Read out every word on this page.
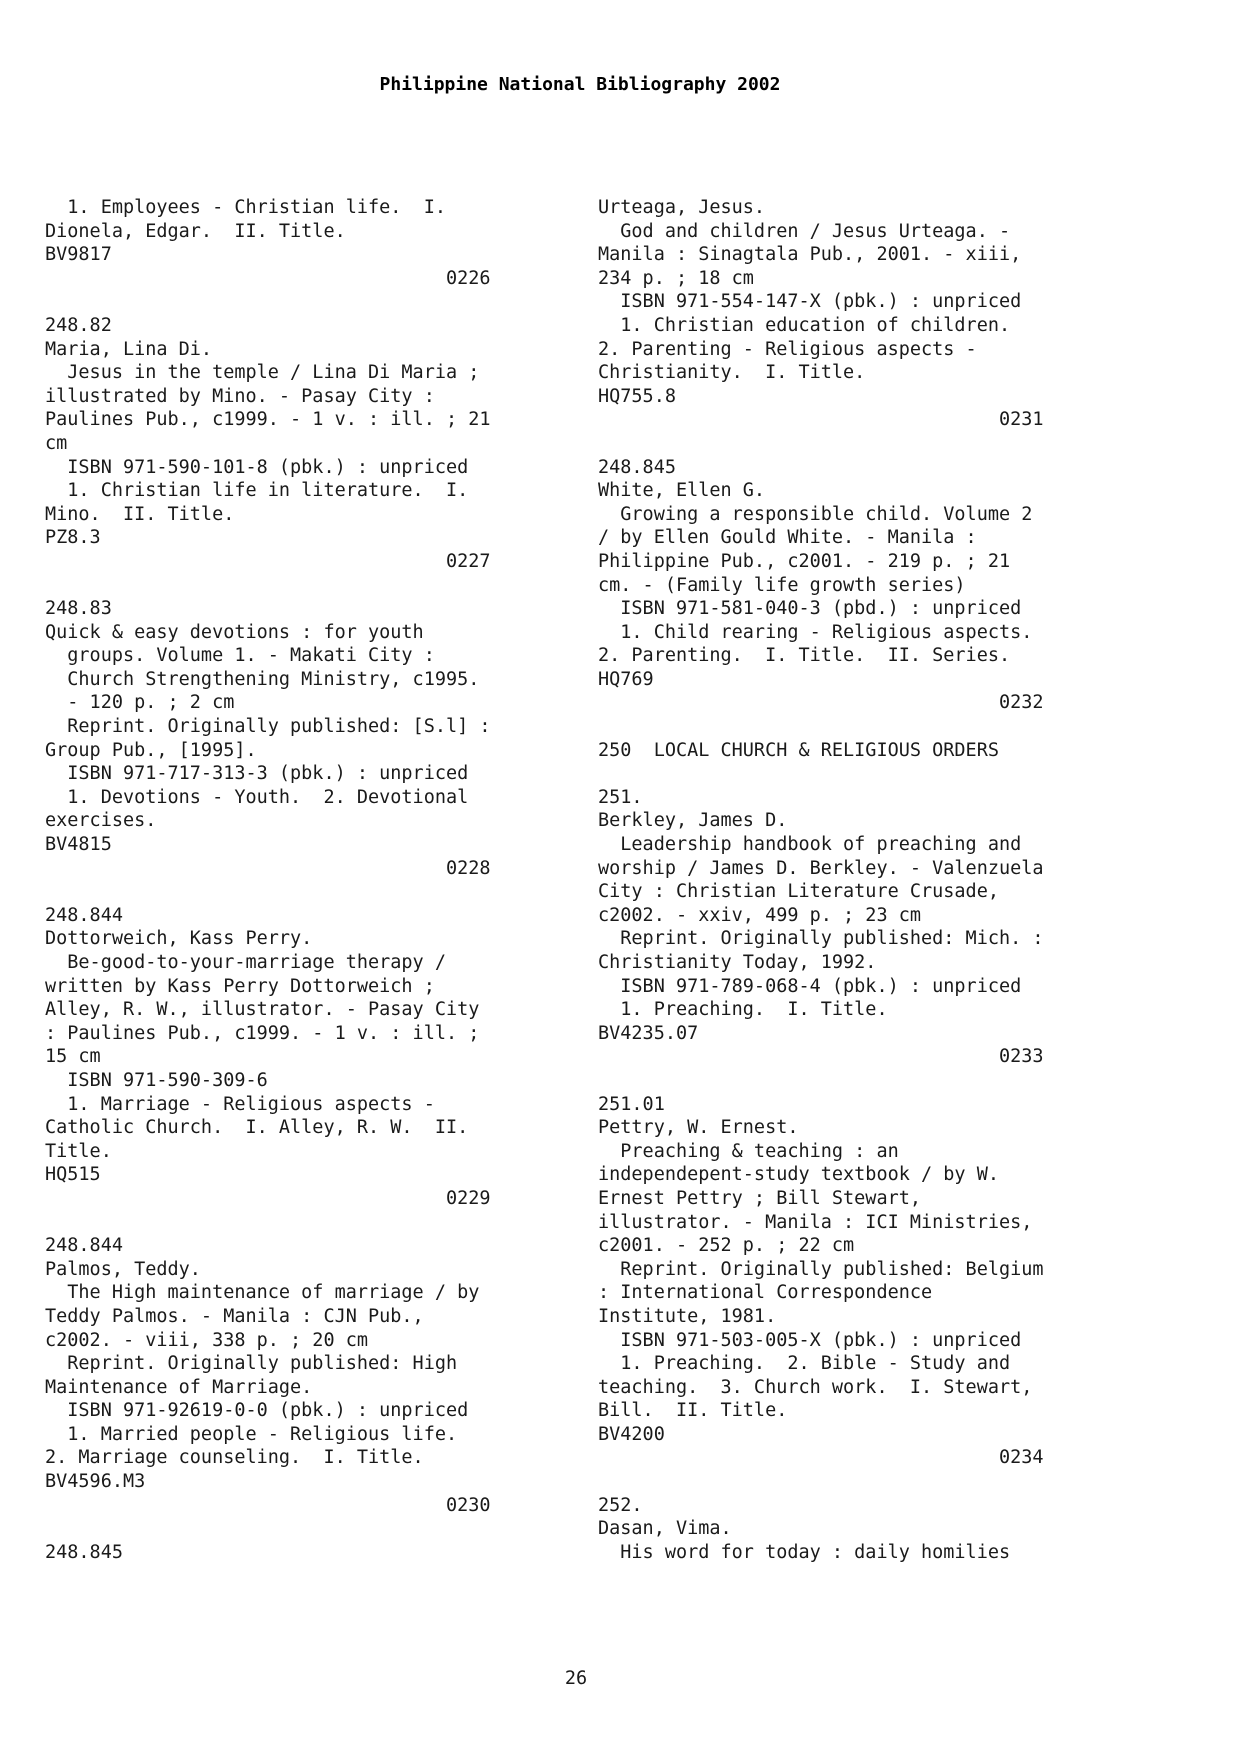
Philippine National Bibliography 2002
1. Employees - Christian life.  I.
Dionela, Edgar.  II. Title.
BV9817
0226
248.82
Maria, Lina Di.
Jesus in the temple / Lina Di Maria ;
illustrated by Mino. - Pasay City :
Paulines Pub., c1999. - 1 v. : ill. ; 21
cm
ISBN 971-590-101-8 (pbk.) : unpriced
1. Christian life in literature.  I.
Mino.  II. Title.
PZ8.3
0227
248.83
Quick & easy devotions : for youth
groups. Volume 1. - Makati City :
Church Strengthening Ministry, c1995.
- 120 p. ; 2 cm
Reprint. Originally published: [S.l] :
Group Pub., [1995].
ISBN 971-717-313-3 (pbk.) : unpriced
1. Devotions - Youth.  2. Devotional
exercises.
BV4815
0228
248.844
Dottorweich, Kass Perry.
Be-good-to-your-marriage therapy /
written by Kass Perry Dottorweich ;
Alley, R. W., illustrator. - Pasay City
: Paulines Pub., c1999. - 1 v. : ill. ;
15 cm
ISBN 971-590-309-6
1. Marriage - Religious aspects -
Catholic Church.  I. Alley, R. W.  II.
Title.
HQ515
0229
248.844
Palmos, Teddy.
The High maintenance of marriage / by
Teddy Palmos. - Manila : CJN Pub.,
c2002. - viii, 338 p. ; 20 cm
Reprint. Originally published: High
Maintenance of Marriage.
ISBN 971-92619-0-0 (pbk.) : unpriced
1. Married people - Religious life.
2. Marriage counseling.  I. Title.
BV4596.M3
0230
248.845
Urteaga, Jesus.
God and children / Jesus Urteaga. -
Manila : Sinagtala Pub., 2001. - xiii,
234 p. ; 18 cm
ISBN 971-554-147-X (pbk.) : unpriced
1. Christian education of children.
2. Parenting - Religious aspects -
Christianity.  I. Title.
HQ755.8
0231
248.845
White, Ellen G.
Growing a responsible child. Volume 2
/ by Ellen Gould White. - Manila :
Philippine Pub., c2001. - 219 p. ; 21
cm. - (Family life growth series)
ISBN 971-581-040-3 (pbd.) : unpriced
1. Child rearing - Religious aspects.
2. Parenting.  I. Title.  II. Series.
HQ769
0232
250  LOCAL CHURCH & RELIGIOUS ORDERS
251.
Berkley, James D.
Leadership handbook of preaching and
worship / James D. Berkley. - Valenzuela
City : Christian Literature Crusade,
c2002. - xxiv, 499 p. ; 23 cm
Reprint. Originally published: Mich. :
Christianity Today, 1992.
ISBN 971-789-068-4 (pbk.) : unpriced
1. Preaching.  I. Title.
BV4235.07
0233
251.01
Pettry, W. Ernest.
Preaching & teaching : an
independepent-study textbook / by W.
Ernest Pettry ; Bill Stewart,
illustrator. - Manila : ICI Ministries,
c2001. - 252 p. ; 22 cm
Reprint. Originally published: Belgium
: International Correspondence
Institute, 1981.
ISBN 971-503-005-X (pbk.) : unpriced
1. Preaching.  2. Bible - Study and
teaching.  3. Church work.  I. Stewart,
Bill.  II. Title.
BV4200
0234
252.
Dasan, Vima.
His word for today : daily homilies
26
